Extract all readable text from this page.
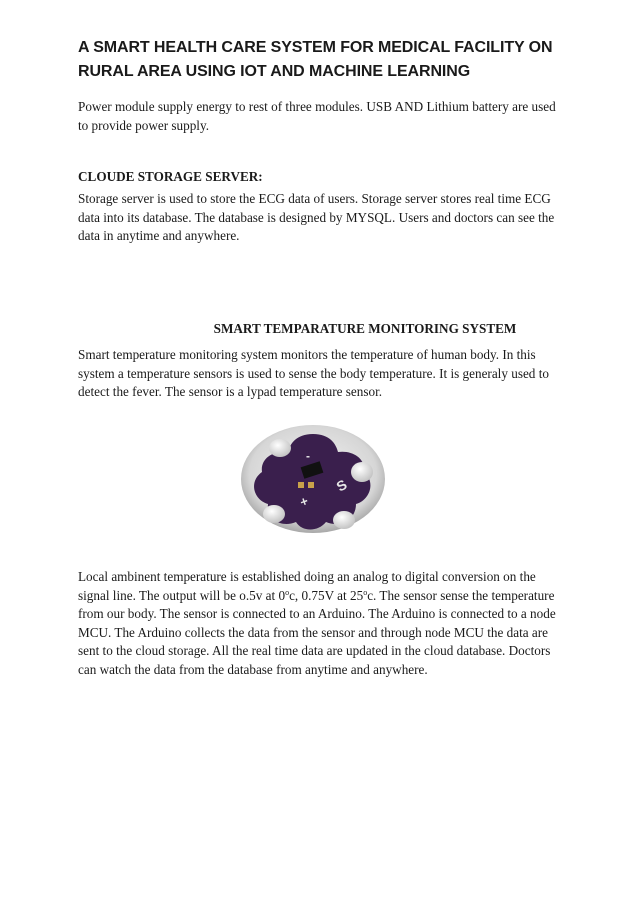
A SMART HEALTH CARE SYSTEM FOR MEDICAL FACILITY ON RURAL AREA USING IOT AND MACHINE LEARNING

Power module supply energy to rest of three modules. USB AND Lithium battery are used to provide power supply.

CLOUDE STORAGE SERVER:

Storage server is used to store the ECG data of users. Storage server stores real time ECG data into its database. The database is designed by MYSQL. Users and doctors can see the data in anytime and anywhere.

SMART TEMPARATURE MONITORING SYSTEM

Smart temperature monitoring system monitors the temperature of human body. In this system a temperature sensors is used to sense the body temperature. It is generaly used to detect the fever. The sensor is a lypad temperature sensor.

-
+
S

Local ambinent temperature is established doing an analog to digital conversion on the signal line. The output will be o.5v at 0$^o$c, 0.75V at 25$^o$c. The sensor sense the temperature from our body. The sensor is connected to an Arduino. The Arduino is connected to a node MCU. The Arduino collects the data from the sensor and through node MCU the data are sent to the cloud storage. All the real time data are updated in the cloud database. Doctors can watch the data from the database from anytime and anywhere.
